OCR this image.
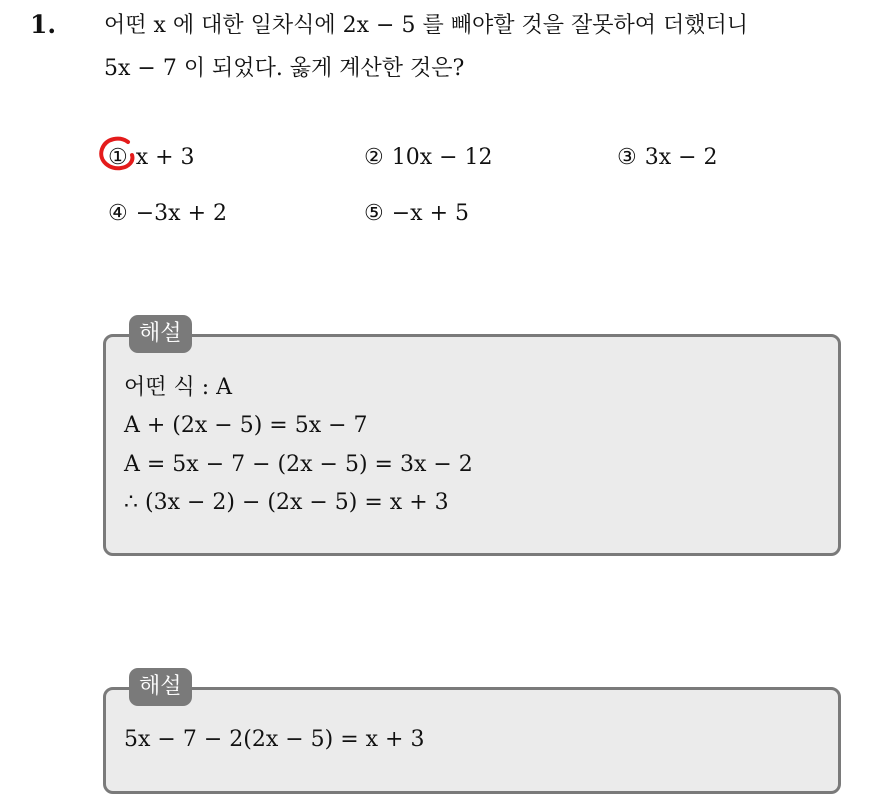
1. 어떤 x 에 대한 일차식에 2x − 5 를 빼야할 것을 잘못하여 더했더니
5x − 7 이 되었다. 옳게 계산한 것은?
① x + 3	② 10x − 12	③ 3x − 2
④ −3x + 2	⑤ −x + 5
해설
어떤 식 : A
A + (2x − 5) = 5x − 7
A = 5x − 7 − (2x − 5) = 3x − 2
∴ (3x − 2) − (2x − 5) = x + 3
해설
5x − 7 − 2(2x − 5) = x + 3
